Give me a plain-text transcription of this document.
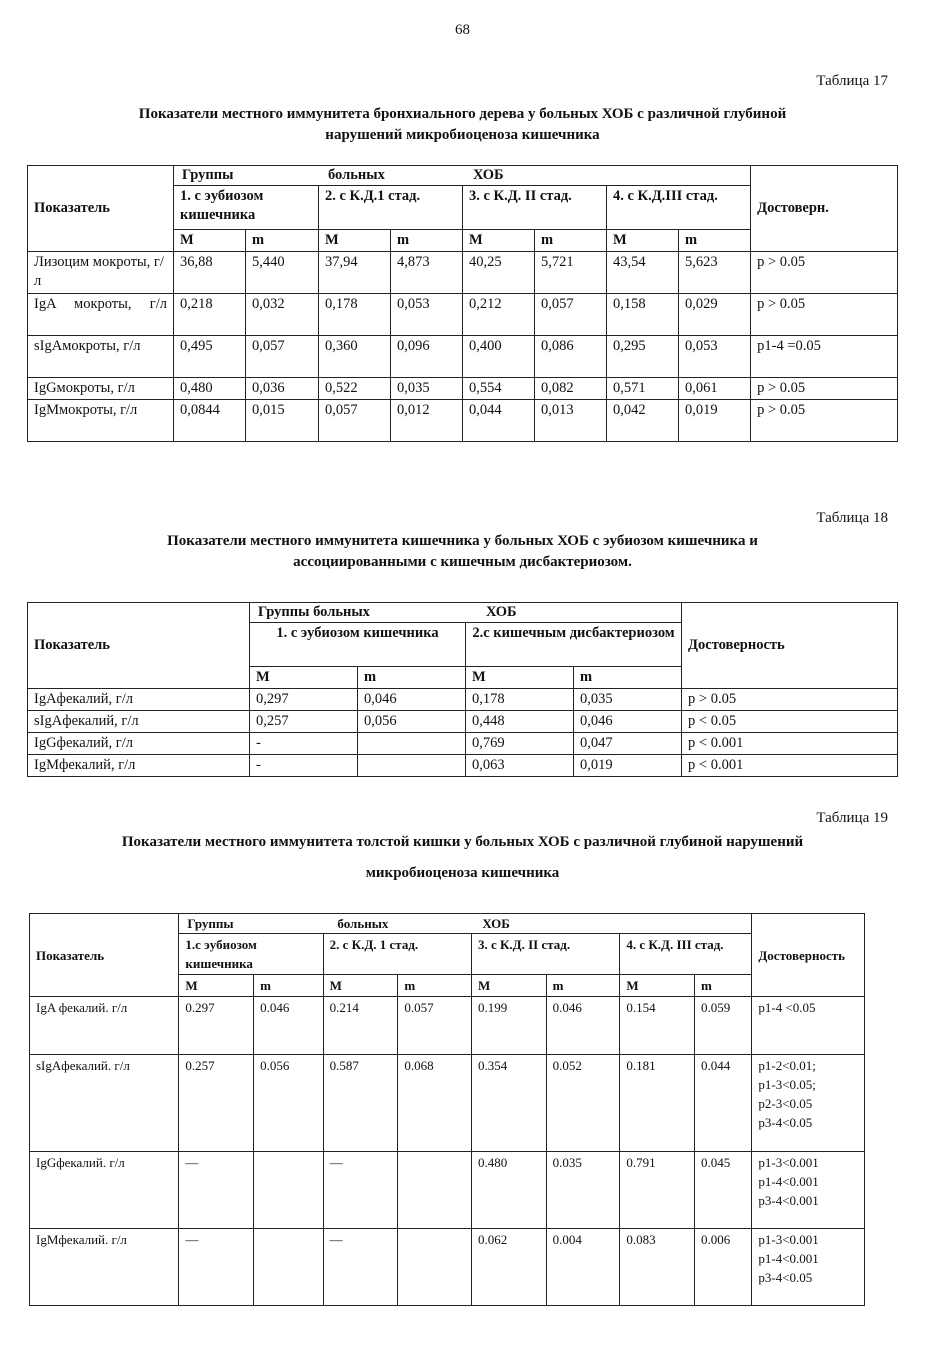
68
Таблица 17
Показатели местного иммунитета бронхиального дерева у больных ХОБ с различной глубиной
нарушений микробиоценоза кишечника
Показатель	Группы больных ХОБ								Достоверн.
	1. с эубиозом кишечника		2. с К.Д.1 стад.		3. с К.Д. II стад.		4. с К.Д.III стад.		
	M	m	M	m	M	m	M	m	
Лизоцим мокроты, г/л	36,88	5,440	37,94	4,873	40,25	5,721	43,54	5,623	p > 0.05
IgA мокроты, г/л	0,218	0,032	0,178	0,053	0,212	0,057	0,158	0,029	p > 0.05
sIgAмокроты, г/л	0,495	0,057	0,360	0,096	0,400	0,086	0,295	0,053	p1-4 =0.05
IgGмокроты, г/л	0,480	0,036	0,522	0,035	0,554	0,082	0,571	0,061	p > 0.05
IgMмокроты, г/л	0,0844	0,015	0,057	0,012	0,044	0,013	0,042	0,019	p > 0.05
Таблица 18
Показатели местного иммунитета кишечника у больных ХОБ с эубиозом кишечника и
ассоциированными с кишечным дисбактериозом.
Показатель	Группы больных ХОБ				Достоверность
	1. с эубиозом кишечника		2.с кишечным дисбактериозом		
	M	m	M	m	
IgAфекалий, г/л	0,297	0,046	0,178	0,035	p > 0.05
sIgAфекалий, г/л	0,257	0,056	0,448	0,046	p < 0.05
IgGфекалий, г/л	-		0,769	0,047	p < 0.001
IgMфекалий, г/л	-		0,063	0,019	p < 0.001
Таблица 19
Показатели местного иммунитета толстой кишки у больных ХОБ с различной глубиной нарушений
микробиоценоза кишечника
Показатель	Группы больных ХОБ								Достоверность
	1.с эубиозом кишечника		2. с К.Д. 1 стад.		3. с К.Д. II стад.		4. с К.Д. III стад.		
	M	m	M	m	M	m	M	m	
IgA фекалий. г/л	0.297	0.046	0.214	0.057	0.199	0.046	0.154	0.059	p1-4 <0.05

sIgAфекалий. г/л	0.257	0.056	0.587	0.068	0.354	0.052	0.181	0.044	p1-2<0.01;
p1-3<0.05;
p2-3<0.05
p3-4<0.05

IgGфекалий. г/л	—		—		0.480	0.035	0.791	0.045	p1-3<0.001
p1-4<0.001
p3-4<0.001

IgMфекалий. г/л	—		—		0.062	0.004	0.083	0.006	p1-3<0.001
p1-4<0.001
p3-4<0.05
